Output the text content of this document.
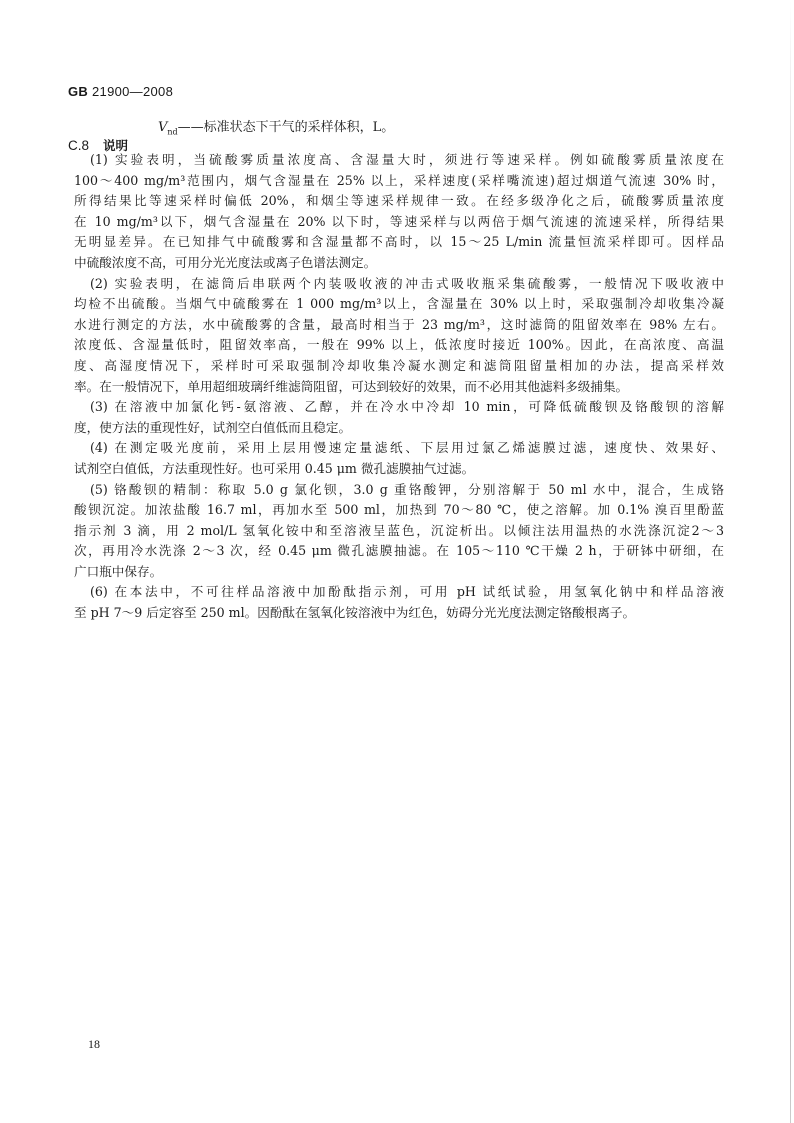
GB 21900—2008
$V_{nd}——$标准状态下干气的采样体积，L。
C.8 说明
(1) 实验表明，当硫酸雾质量浓度高、含湿量大时，须进行等速采样。例如硫酸雾质量浓度在
100～400 mg/m³范围内，烟气含湿量在 25% 以上，采样速度(采样嘴流速)超过烟道气流速 30% 时，
所得结果比等速采样时偏低 20%，和烟尘等速采样规律一致。在经多级净化之后，硫酸雾质量浓度
在 10 mg/m³以下，烟气含湿量在 20% 以下时，等速采样与以两倍于烟气流速的流速采样，所得结果
无明显差异。在已知排气中硫酸雾和含湿量都不高时，以 15～25 L/min 流量恒流采样即可。因样品
中硫酸浓度不高，可用分光光度法或离子色谱法测定。
(2) 实验表明，在滤筒后串联两个内装吸收液的冲击式吸收瓶采集硫酸雾，一般情况下吸收液中
均检不出硫酸。当烟气中硫酸雾在 1 000 mg/m³以上，含湿量在 30% 以上时，采取强制冷却收集冷凝
水进行测定的方法，水中硫酸雾的含量，最高时相当于 23 mg/m³，这时滤筒的阻留效率在 98% 左右。
浓度低、含湿量低时，阻留效率高，一般在 99% 以上，低浓度时接近 100%。因此，在高浓度、高温
度、高湿度情况下，采样时可采取强制冷却收集冷凝水测定和滤筒阻留量相加的办法，提高采样效
率。在一般情况下，单用超细玻璃纤维滤筒阻留，可达到较好的效果，而不必用其他滤料多级捕集。
(3) 在溶液中加氯化钙-氨溶液、乙醇，并在冷水中冷却 10 min，可降低硫酸钡及铬酸钡的溶解
度，使方法的重现性好，试剂空白值低而且稳定。
(4) 在测定吸光度前，采用上层用慢速定量滤纸、下层用过氯乙烯滤膜过滤，速度快、效果好、
试剂空白值低，方法重现性好。也可采用 0.45 μm 微孔滤膜抽气过滤。
(5) 铬酸钡的精制：称取 5.0 g 氯化钡，3.0 g 重铬酸钾，分别溶解于 50 ml 水中，混合，生成铬
酸钡沉淀。加浓盐酸 16.7 ml，再加水至 500 ml，加热到 70～80 ℃，使之溶解。加 0.1% 溴百里酚蓝
指示剂 3 滴，用 2 mol/L 氢氧化铵中和至溶液呈蓝色，沉淀析出。以倾注法用温热的水洗涤沉淀2～3
次，再用冷水洗涤 2～3 次，经 0.45 μm 微孔滤膜抽滤。在 105～110 ℃干燥 2 h，于研钵中研细，在
广口瓶中保存。
(6) 在本法中，不可往样品溶液中加酚酞指示剂，可用 pH 试纸试验，用氢氧化钠中和样品溶液
至 pH 7～9 后定容至 250 ml。因酚酞在氢氧化铵溶液中为红色，妨碍分光光度法测定铬酸根离子。
18
